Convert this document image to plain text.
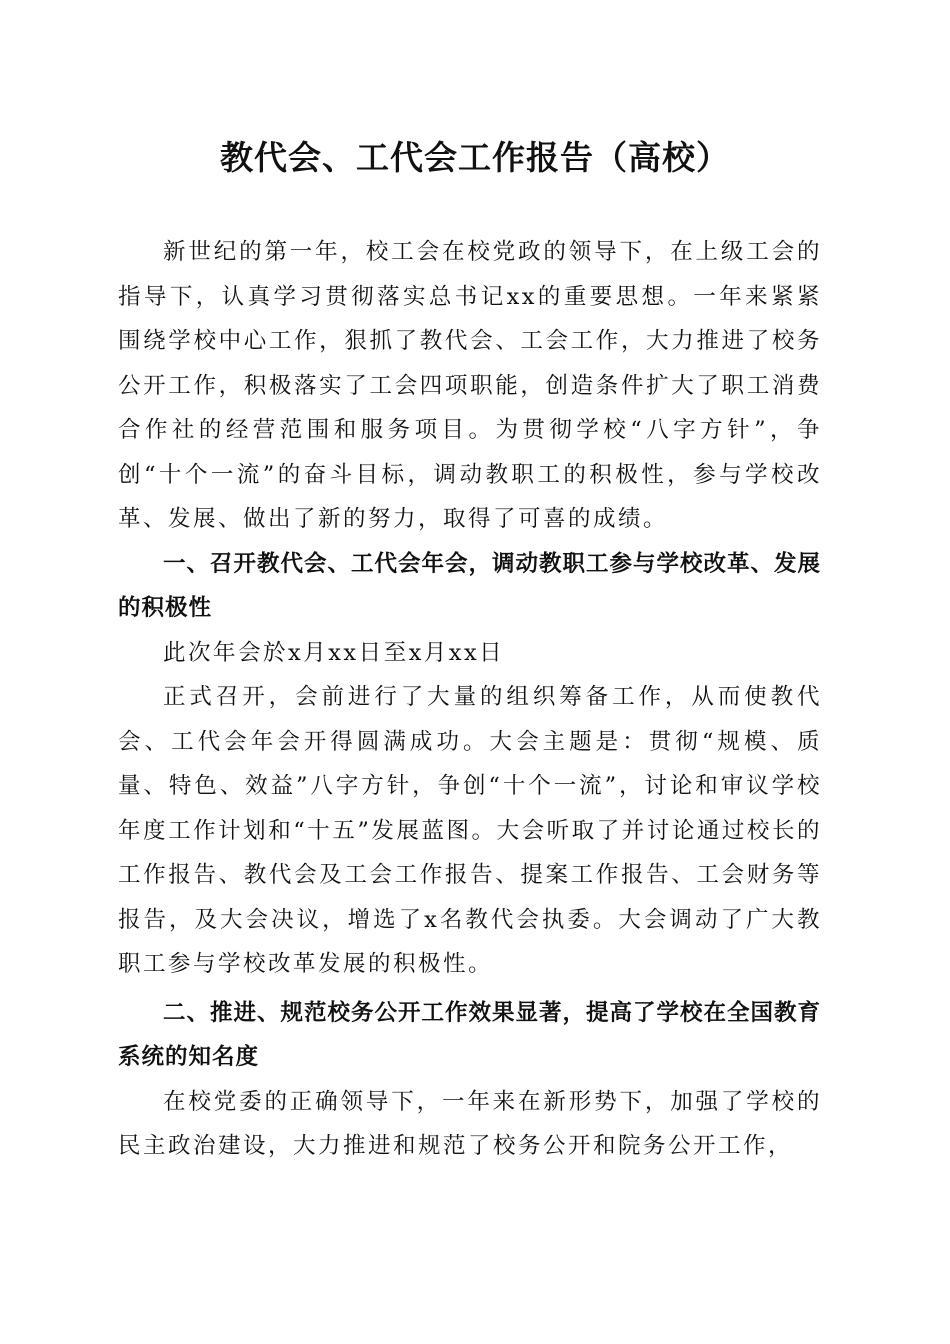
教代会、工代会工作报告（高校）

新世纪的第一年，校工会在校党政的领导下，在上级工会的指导下，认真学习贯彻落实总书记xx的重要思想。一年来紧紧围绕学校中心工作，狠抓了教代会、工会工作，大力推进了校务公开工作，积极落实了工会四项职能，创造条件扩大了职工消费合作社的经营范围和服务项目。为贯彻学校“八字方针”，争创“十个一流”的奋斗目标，调动教职工的积极性，参与学校改革、发展、做出了新的努力，取得了可喜的成绩。

一、召开教代会、工代会年会，调动教职工参与学校改革、发展的积极性

此次年会於x月xx日至x月xx日

正式召开，会前进行了大量的组织筹备工作，从而使教代会、工代会年会开得圆满成功。大会主题是：贯彻“规模、质量、特色、效益”八字方针，争创“十个一流”，讨论和审议学校年度工作计划和“十五”发展蓝图。大会听取了并讨论通过校长的工作报告、教代会及工会工作报告、提案工作报告、工会财务等报告，及大会决议，增选了x名教代会执委。大会调动了广大教职工参与学校改革发展的积极性。

二、推进、规范校务公开工作效果显著，提高了学校在全国教育系统的知名度

在校党委的正确领导下，一年来在新形势下，加强了学校的民主政治建设，大力推进和规范了校务公开和院务公开工作，
